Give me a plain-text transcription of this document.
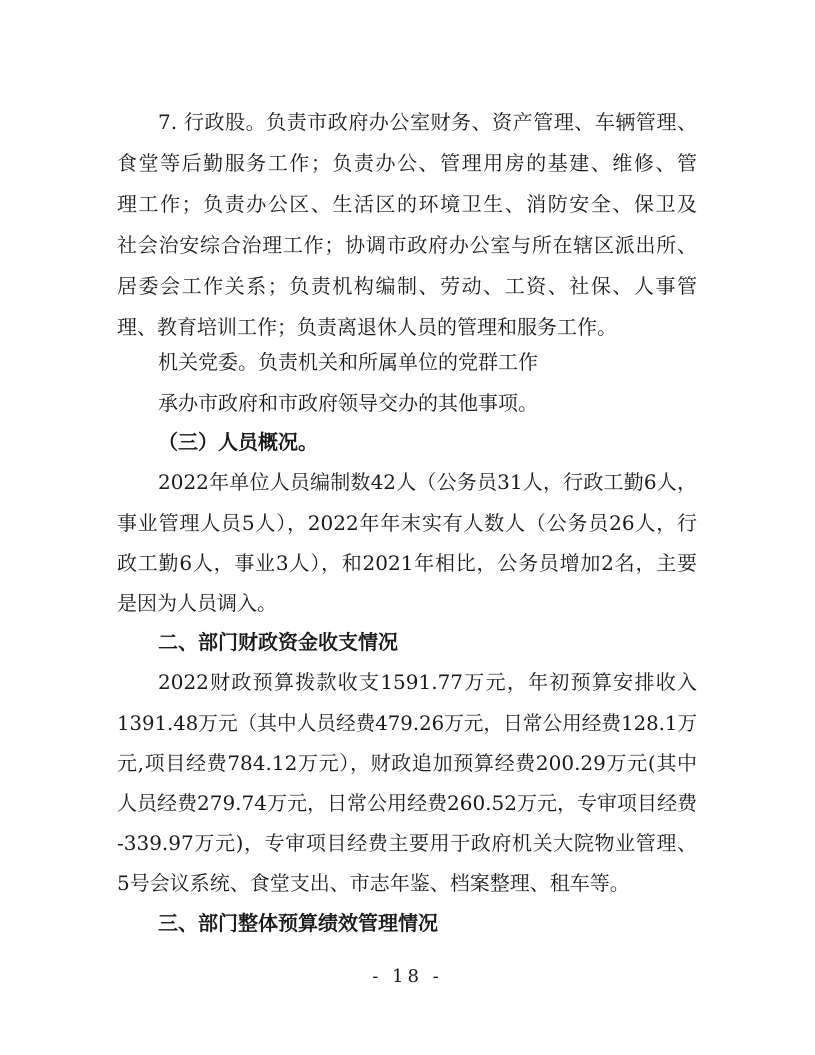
7. 行政股。负责市政府办公室财务、资产管理、车辆管理、
食堂等后勤服务工作；负责办公、管理用房的基建、维修、管
理工作；负责办公区、生活区的环境卫生、消防安全、保卫及
社会治安综合治理工作；协调市政府办公室与所在辖区派出所、
居委会工作关系；负责机构编制、劳动、工资、社保、人事管
理、教育培训工作；负责离退休人员的管理和服务工作。
机关党委。负责机关和所属单位的党群工作
承办市政府和市政府领导交办的其他事项。
（三）人员概况。
2022年单位人员编制数42人（公务员31人，行政工勤6人，
事业管理人员5人），2022年年末实有人数人（公务员26人，行
政工勤6人，事业3人），和2021年相比，公务员增加2名，主要
是因为人员调入。
二、部门财政资金收支情况
2022财政预算拨款收支1591.77万元，年初预算安排收入
1391.48万元（其中人员经费479.26万元，日常公用经费128.1万
元,项目经费784.12万元），财政追加预算经费200.29万元(其中
人员经费279.74万元，日常公用经费260.52万元，专审项目经费
-339.97万元)，专审项目经费主要用于政府机关大院物业管理、
5号会议系统、食堂支出、市志年鉴、档案整理、租车等。
三、部门整体预算绩效管理情况
- 18 -
